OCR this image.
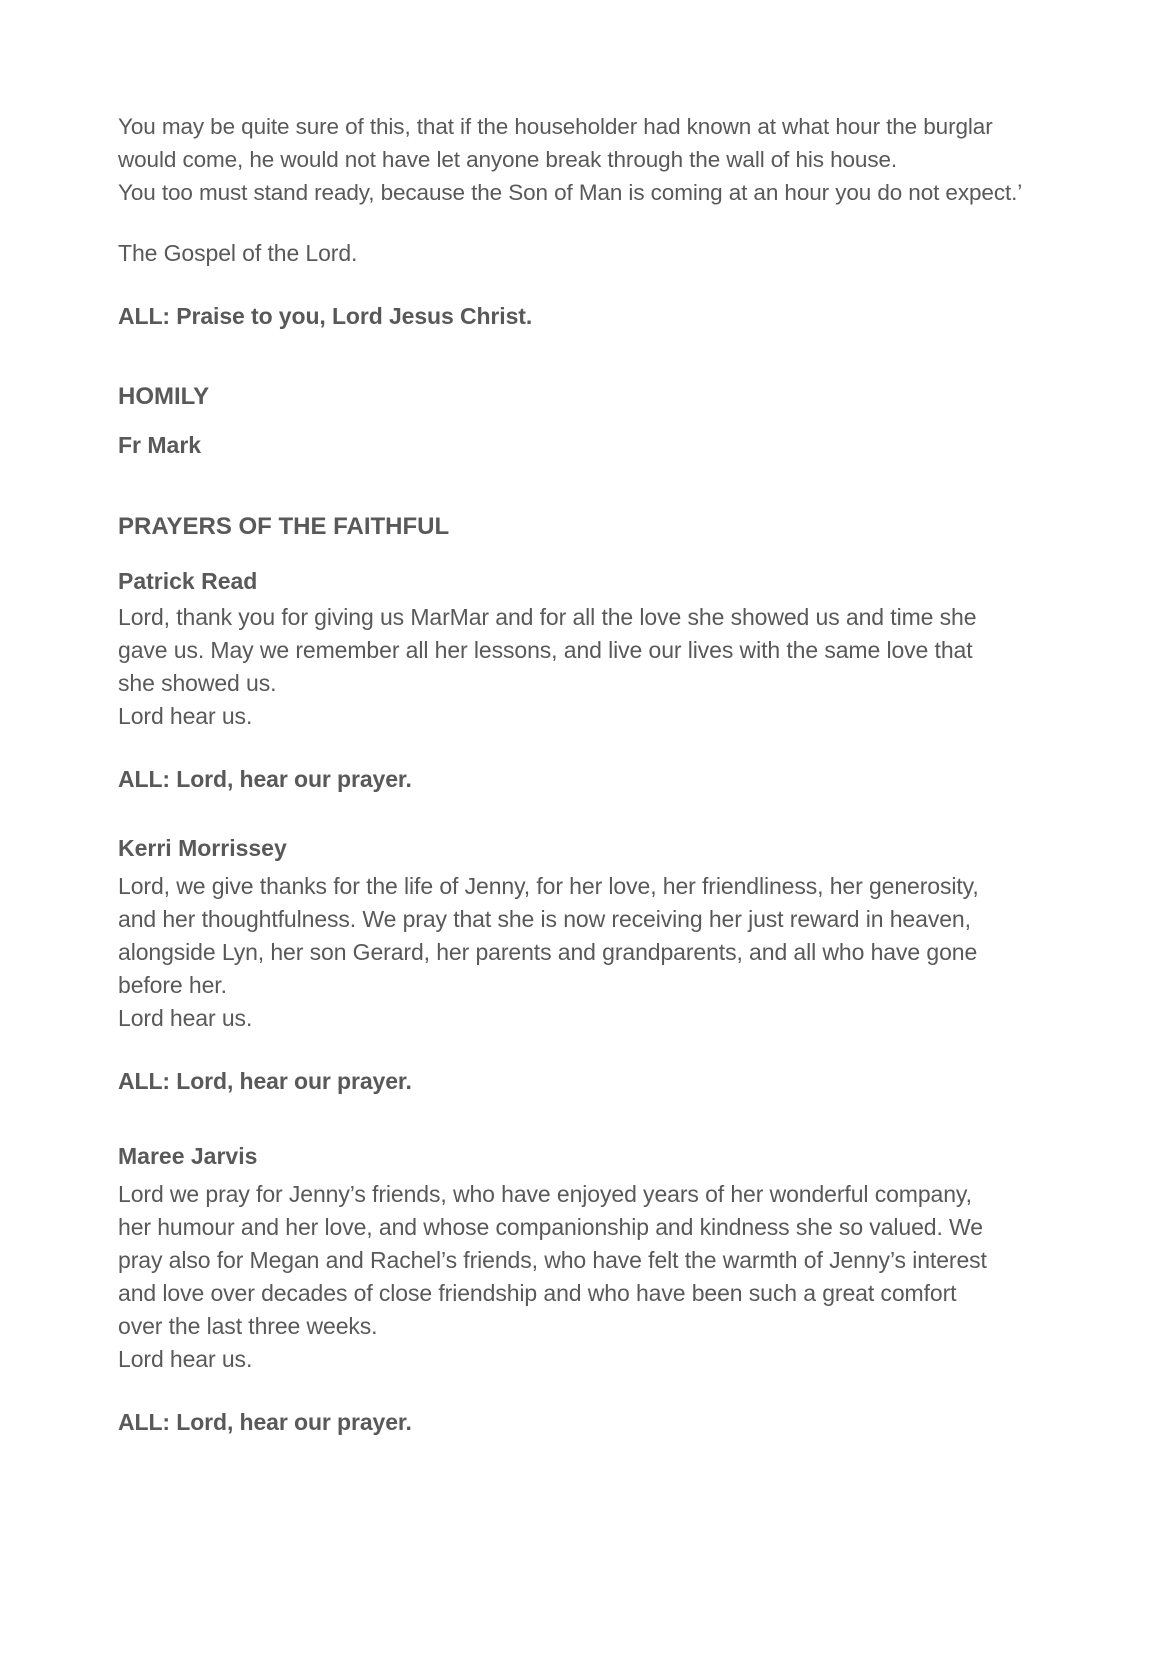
You may be quite sure of this, that if the householder had known at what hour the burglar

would come, he would not have let anyone break through the wall of his house.

You too must stand ready, because the Son of Man is coming at an hour you do not expect.’

The Gospel of the Lord.

ALL: Praise to you, Lord Jesus Christ.

HOMILY

Fr Mark

PRAYERS OF THE FAITHFUL

Patrick Read

Lord, thank you for giving us MarMar and for all the love she showed us and time she

gave us. May we remember all her lessons, and live our lives with the same love that

she showed us.

Lord hear us.

ALL: Lord, hear our prayer.

Kerri Morrissey

Lord, we give thanks for the life of Jenny, for her love, her friendliness, her generosity,

and her thoughtfulness. We pray that she is now receiving her just reward in heaven,

alongside Lyn, her son Gerard, her parents and grandparents, and all who have gone

before her.

Lord hear us.

ALL: Lord, hear our prayer.

Maree Jarvis

Lord we pray for Jenny’s friends, who have enjoyed years of her wonderful company,

her humour and her love, and whose companionship and kindness she so valued. We

pray also for Megan and Rachel’s friends, who have felt the warmth of Jenny’s interest

and love over decades of close friendship and who have been such a great comfort

over the last three weeks.

Lord hear us.

ALL: Lord, hear our prayer.
